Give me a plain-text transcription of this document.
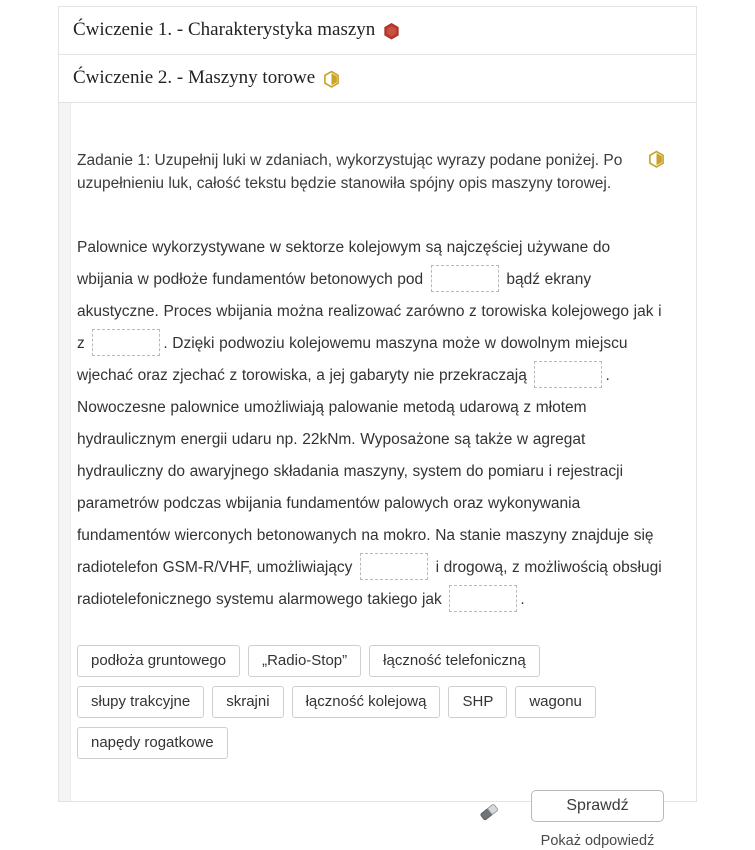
Ćwiczenie 1. - Charakterystyka maszyn
Ćwiczenie 2. - Maszyny torowe
Zadanie 1: Uzupełnij luki w zdaniach, wykorzystując wyrazy podane poniżej. Po uzupełnieniu luk, całość tekstu będzie stanowiła spójny opis maszyny torowej.
Palownice wykorzystywane w sektorze kolejowym są najczęściej używane do wbijania w podłoże fundamentów betonowych pod	bądź ekrany akustyczne. Proces wbijania można realizować zarówno z torowiska kolejowego jak i z	. Dzięki podwoziu kolejowemu maszyna może w dowolnym miejscu wjechać oraz zjechać z torowiska, a jej gabaryty nie przekraczają	. Nowoczesne palownice umożliwiają palowanie metodą udarową z młotem hydraulicznym energii udaru np. 22kNm. Wyposażone są także w agregat hydrauliczny do awaryjnego składania maszyny, system do pomiaru i rejestracji parametrów podczas wbijania fundamentów palowych oraz wykonywania fundamentów wierconych betonowanych na mokro. Na stanie maszyny znajduje się radiotelefon GSM-R/VHF, umożliwiający	i drogową, z możliwością obsługi radiotelefonicznego systemu alarmowego takiego jak	.
podłoża gruntowego	„Radio-Stop”	łączność telefoniczną
słupy trakcyjne	skrajni	łączność kolejową	SHP	wagonu
napędy rogatkowe
Sprawdź
Pokaż odpowiedź
